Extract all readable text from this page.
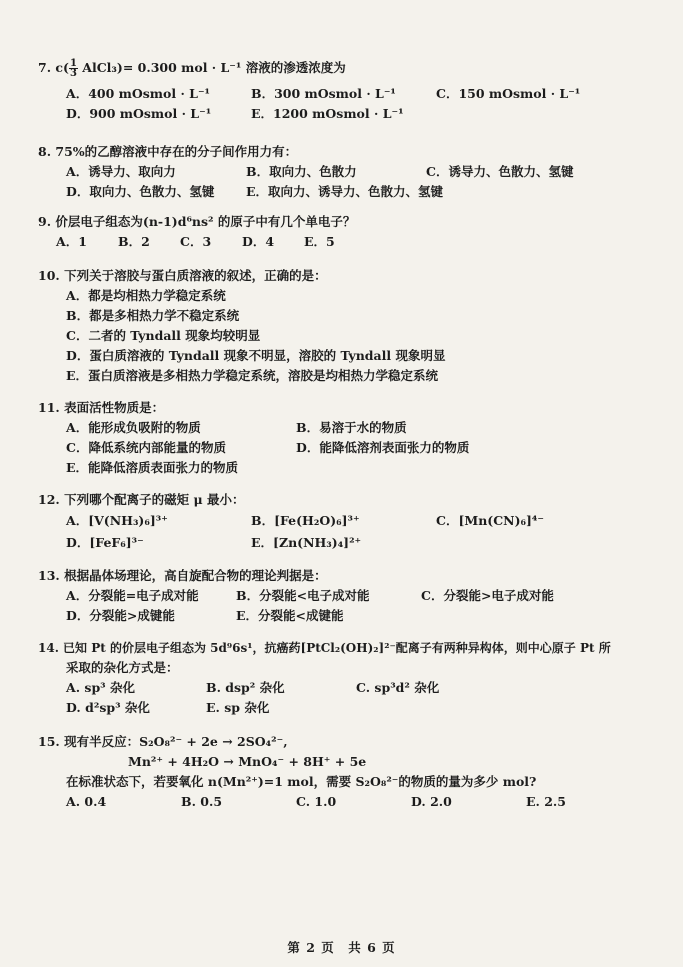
7. $c( \frac{1}{3}$ AlCl₃)= 0.300 mol · L⁻¹ 溶液的渗透浓度为
A．400 mOsmol · L⁻¹	B．300 mOsmol · L⁻¹	C．150 mOsmol · L⁻¹
D．900 mOsmol · L⁻¹	E．1200 mOsmol · L⁻¹
8. 75%的乙醇溶液中存在的分子间作用力有：
A．诱导力、取向力	B．取向力、色散力	C．诱导力、色散力、氢键
D．取向力、色散力、氢键	E．取向力、诱导力、色散力、氢键
9. 价层电子组态为(n-1)d⁶ns² 的原子中有几个单电子？
A．1	B．2	C．3	D．4	E．5
10. 下列关于溶胶与蛋白质溶液的叙述，正确的是：
A．都是均相热力学稳定系统
B．都是多相热力学不稳定系统
C．二者的 Tyndall 现象均较明显
D．蛋白质溶液的 Tyndall 现象不明显，溶胶的 Tyndall 现象明显
E．蛋白质溶液是多相热力学稳定系统，溶胶是均相热力学稳定系统
11. 表面活性物质是：
A．能形成负吸附的物质	B．易溶于水的物质
C．降低系统内部能量的物质	D．能降低溶剂表面张力的物质
E．能降低溶质表面张力的物质
12. 下列哪个配离子的磁矩 μ 最小：
A．[V(NH₃)₆]³⁺	B．[Fe(H₂O)₆]³⁺	C．[Mn(CN)₆]⁴⁻
D．[FeF₆]³⁻	E．[Zn(NH₃)₄]²⁺
13. 根据晶体场理论，高自旋配合物的理论判据是：
A．分裂能=电子成对能	B．分裂能<电子成对能	C．分裂能>电子成对能
D．分裂能>成键能	E．分裂能<成键能
14. 已知 Pt 的价层电子组态为 5d⁹6s¹，抗癌药[PtCl₂(OH)₂]²⁻配离子有两种异构体，则中心原子 Pt 所
采取的杂化方式是：
A. sp³ 杂化	B. dsp² 杂化	C. sp³d² 杂化
D. d²sp³ 杂化	E. sp 杂化
15. 现有半反应：S₂O₈²⁻ + 2e → 2SO₄²⁻,
Mn²⁺ + 4H₂O → MnO₄⁻ + 8H⁺ + 5e
在标准状态下，若要氧化 n(Mn²⁺)=1 mol，需要 S₂O₈²⁻的物质的量为多少 mol?
A. 0.4	B. 0.5	C. 1.0	D. 2.0	E. 2.5
第 2 页　共 6 页
